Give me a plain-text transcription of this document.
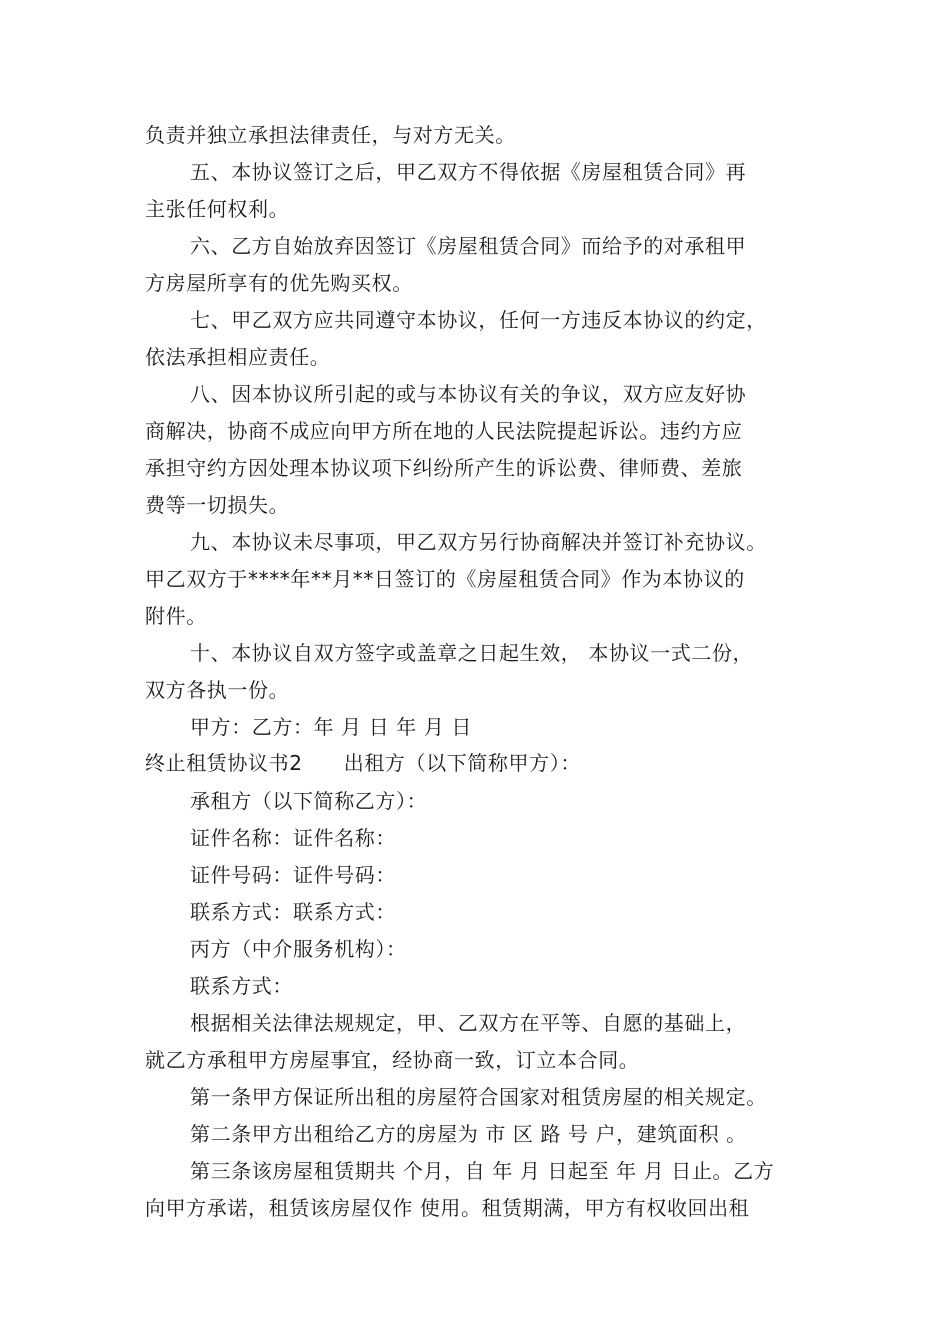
负责并独立承担法律责任，与对方无关。
五、本协议签订之后，甲乙双方不得依据《房屋租赁合同》再
主张任何权利。
六、乙方自始放弃因签订《房屋租赁合同》而给予的对承租甲
方房屋所享有的优先购买权。
七、甲乙双方应共同遵守本协议，任何一方违反本协议的约定，
依法承担相应责任。
八、因本协议所引起的或与本协议有关的争议，双方应友好协
商解决，协商不成应向甲方所在地的人民法院提起诉讼。违约方应
承担守约方因处理本协议项下纠纷所产生的诉讼费、律师费、差旅
费等一切损失。
九、本协议未尽事项，甲乙双方另行协商解决并签订补充协议。
甲乙双方于****年**月**日签订的《房屋租赁合同》作为本协议的
附件。
十、本协议自双方签字或盖章之日起生效， 本协议一式二份，
双方各执一份。
甲方：乙方：年 月 日 年 月 日
终止租赁协议书2　　出租方（以下简称甲方）：
承租方（以下简称乙方）：
证件名称：证件名称：
证件号码：证件号码：
联系方式：联系方式：
丙方（中介服务机构）：
联系方式：
根据相关法律法规规定，甲、乙双方在平等、自愿的基础上，
就乙方承租甲方房屋事宜，经协商一致，订立本合同。
第一条甲方保证所出租的房屋符合国家对租赁房屋的相关规定。
第二条甲方出租给乙方的房屋为 市 区 路 号 户，建筑面积 。
第三条该房屋租赁期共 个月，自 年 月 日起至 年 月 日止。乙方
向甲方承诺，租赁该房屋仅作 使用。租赁期满，甲方有权收回出租
